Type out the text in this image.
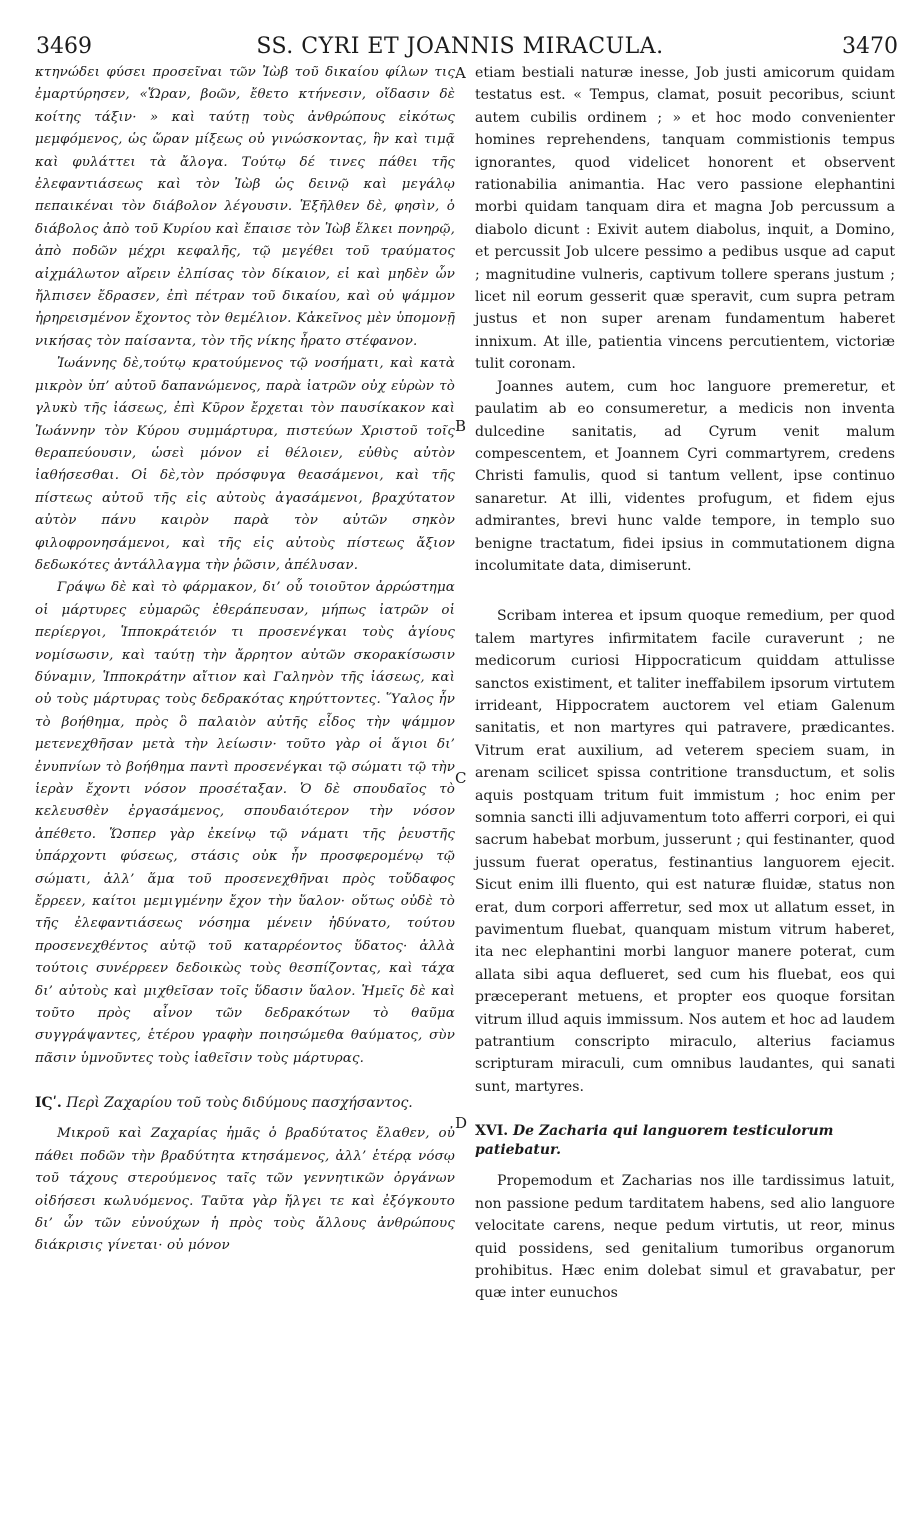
3469	SS. CYRI ET JOANNIS MIRACULA.	3470
A
B
C
D

κτηνώδει φύσει προσεῖναι τῶν Ἰὼβ τοῦ δικαίου φίλων τις ἐμαρτύρησεν, «Ὥραν, βοῶν, ἔθετο κτήνεσιν, οἴδασιν δὲ κοίτης τάξιν· » καὶ ταύτῃ τοὺς ἀνθρώπους εἰκότως μεμφόμενος, ὡς ὥραν μίξεως οὐ γινώσκοντας, ἣν καὶ τιμᾷ καὶ φυλάττει τὰ ἄλογα. Τούτῳ δέ τινες πάθει τῆς ἐλεφαντιάσεως καὶ τὸν Ἰὼβ ὡς δεινῷ καὶ μεγάλῳ πεπαικέναι τὸν διάβολον λέγουσιν. Ἐξῆλθεν δὲ, φησὶν, ὁ διάβολος ἀπὸ τοῦ Κυρίου καὶ ἔπαισε τὸν Ἰὼβ ἕλκει πονηρῷ, ἀπὸ ποδῶν μέχρι κεφαλῆς, τῷ μεγέθει τοῦ τραύματος αἰχμάλωτον αἴρειν ἐλπίσας τὸν δίκαιον, εἰ καὶ μηδὲν ὧν ἤλπισεν ἔδρασεν, ἐπὶ πέτραν τοῦ δικαίου, καὶ οὐ ψάμμον ἠρηρεισμένον ἔχοντος τὸν θεμέλιον. Κἀκεῖνος μὲν ὑπομονῇ νικήσας τὸν παίσαντα, τὸν τῆς νίκης ἦρατο στέφανον.

Ἰωάννης δὲ,τούτῳ κρατούμενος τῷ νοσήματι, καὶ κατὰ μικρὸν ὑπ’ αὐτοῦ δαπανώμενος, παρὰ ἰατρῶν οὐχ εὑρὼν τὸ γλυκὺ τῆς ἰάσεως, ἐπὶ Κῦρον ἔρχεται τὸν παυσίκακον καὶ Ἰωάννην τὸν Κύρου συμμάρτυρα, πιστεύων Χριστοῦ τοῖς θεραπεύουσιν, ὡσεὶ μόνον εἰ θέλοιεν, εὐθὺς αὐτὸν ἰαθήσεσθαι. Οἱ δὲ,τὸν πρόσφυγα θεασάμενοι, καὶ τῆς πίστεως αὐτοῦ τῆς εἰς αὐτοὺς ἀγασάμενοι, βραχύτατον αὐτὸν πάνυ καιρὸν παρὰ τὸν αὐτῶν σηκὸν φιλοφρονησάμενοι, καὶ τῆς εἰς αὐτοὺς πίστεως ἄξιον δεδωκότες ἀντάλλαγμα τὴν ῥῶσιν, ἀπέλυσαν.

Γράψω δὲ καὶ τὸ φάρμακον, δι’ οὗ τοιοῦτον ἀρρώστημα οἱ μάρτυρες εὐμαρῶς ἐθεράπευσαν, μήπως ἰατρῶν οἱ περίεργοι, Ἱπποκράτειόν τι προσενέγκαι τοὺς ἁγίους νομίσωσιν, καὶ ταύτῃ τὴν ἄρρητον αὐτῶν σκορακίσωσιν δύναμιν, Ἱπποκράτην αἴτιον καὶ Γαληνὸν τῆς ἰάσεως, καὶ οὐ τοὺς μάρτυρας τοὺς δεδρακότας κηρύττοντες. Ὕαλος ἦν τὸ βοήθημα, πρὸς ὃ παλαιὸν αὐτῆς εἶδος τὴν ψάμμον μετενεχθῆσαν μετὰ τὴν λείωσιν· τοῦτο γὰρ οἱ ἅγιοι δι’ ἐνυπνίων τὸ βοήθημα παντὶ προσενέγκαι τῷ σώματι τῷ τὴν ἱερὰν ἔχοντι νόσον προσέταξαν. Ὁ δὲ σπουδαῖος τὸ κελευσθὲν ἐργασάμενος, σπουδαιότερον τὴν νόσον ἀπέθετο. Ὥσπερ γὰρ ἐκείνῳ τῷ νάματι τῆς ῥευστῆς ὑπάρχοντι φύσεως, στάσις οὐκ ἦν προσφερομένῳ τῷ σώματι, ἀλλ’ ἅμα τοῦ προσενεχθῆναι πρὸς τοὔδαφος ἔρρεεν, καίτοι μεμιγμένην ἔχον τὴν ὕαλον· οὕτως οὐδὲ τὸ τῆς ἐλεφαντιάσεως νόσημα μένειν ἠδύνατο, τούτου προσενεχθέντος αὐτῷ τοῦ καταρρέοντος ὕδατος· ἀλλὰ τούτοις συνέρρεεν δεδοικὼς τοὺς θεσπίζοντας, καὶ τάχα δι’ αὐτοὺς καὶ μιχθεῖσαν τοῖς ὕδασιν ὕαλον. Ἡμεῖς δὲ καὶ τοῦτο πρὸς αἶνον τῶν δεδρακότων τὸ θαῦμα συγγράψαντες, ἑτέρου γραφὴν ποιησώμεθα θαύματος, σὺν πᾶσιν ὑμνοῦντες τοὺς ἰαθεῖσιν τοὺς μάρτυρας.

ΙϚʹ. Περὶ Ζαχαρίου τοῦ τοὺς διδύμους πασχήσαντος.

Μικροῦ καὶ Ζαχαρίας ἡμᾶς ὁ βραδύτατος ἔλαθεν, οὐ πάθει ποδῶν τὴν βραδύτητα κτησάμενος, ἀλλ’ ἑτέρᾳ νόσῳ τοῦ τάχους στερούμενος ταῖς τῶν γεννητικῶν ὀργάνων οἰδήσεσι κωλυόμενος. Ταῦτα γὰρ ἤλγει τε καὶ ἐξόγκουτο δι’ ὧν τῶν εὐνούχων ἡ πρὸς τοὺς ἄλλους ἀνθρώπους διάκρισις γίνεται· οὐ μόνον

etiam bestiali naturæ inesse, Job justi amicorum quidam testatus est. « Tempus, clamat, posuit pecoribus, sciunt autem cubilis ordinem ; » et hoc modo convenienter homines reprehendens, tanquam commistionis tempus ignorantes, quod videlicet honorent et observent rationabilia animantia. Hac vero passione elephantini morbi quidam tanquam dira et magna Job percussum a diabolo dicunt : Exivit autem diabolus, inquit, a Domino, et percussit Job ulcere pessimo a pedibus usque ad caput ; magnitudine vulneris, captivum tollere sperans justum ; licet nil eorum gesserit quæ speravit, cum supra petram justus et non super arenam fundamentum haberet innixum. At ille, patientia vincens percutientem, victoriæ tulit coronam.

Joannes autem, cum hoc languore premeretur, et paulatim ab eo consumeretur, a medicis non inventa dulcedine sanitatis, ad Cyrum venit malum compescentem, et Joannem Cyri commartyrem, credens Christi famulis, quod si tantum vellent, ipse continuo sanaretur. At illi, videntes profugum, et fidem ejus admirantes, brevi hunc valde tempore, in templo suo benigne tractatum, fidei ipsius in commutationem digna incolumitate data, dimiserunt.

Scribam interea et ipsum quoque remedium, per quod talem martyres infirmitatem facile curaverunt ; ne medicorum curiosi Hippocraticum quiddam attulisse sanctos existiment, et taliter ineffabilem ipsorum virtutem irrideant, Hippocratem auctorem vel etiam Galenum sanitatis, et non martyres qui patravere, prædicantes. Vitrum erat auxilium, ad veterem speciem suam, in arenam scilicet spissa contritione transductum, et solis aquis postquam tritum fuit immistum ; hoc enim per somnia sancti illi adjuvamentum toto afferri corpori, ei qui sacrum habebat morbum, jusserunt ; qui festinanter, quod jussum fuerat operatus, festinantius languorem ejecit. Sicut enim illi fluento, qui est naturæ fluidæ, status non erat, dum corpori afferretur, sed mox ut allatum esset, in pavimentum fluebat, quanquam mistum vitrum haberet, ita nec elephantini morbi languor manere poterat, cum allata sibi aqua deflueret, sed cum his fluebat, eos qui præceperant metuens, et propter eos quoque forsitan vitrum illud aquis immissum. Nos autem et hoc ad laudem patrantium conscripto miraculo, alterius faciamus scripturam miraculi, cum omnibus laudantes, qui sanati sunt, martyres.

XVI. De Zacharia qui languorem testiculorum patiebatur.

Propemodum et Zacharias nos ille tardissimus latuit, non passione pedum tarditatem habens, sed alio languore velocitate carens, neque pedum virtutis, ut reor, minus quid possidens, sed genitalium tumoribus organorum prohibitus. Hæc enim dolebat simul et gravabatur, per quæ inter eunuchos
